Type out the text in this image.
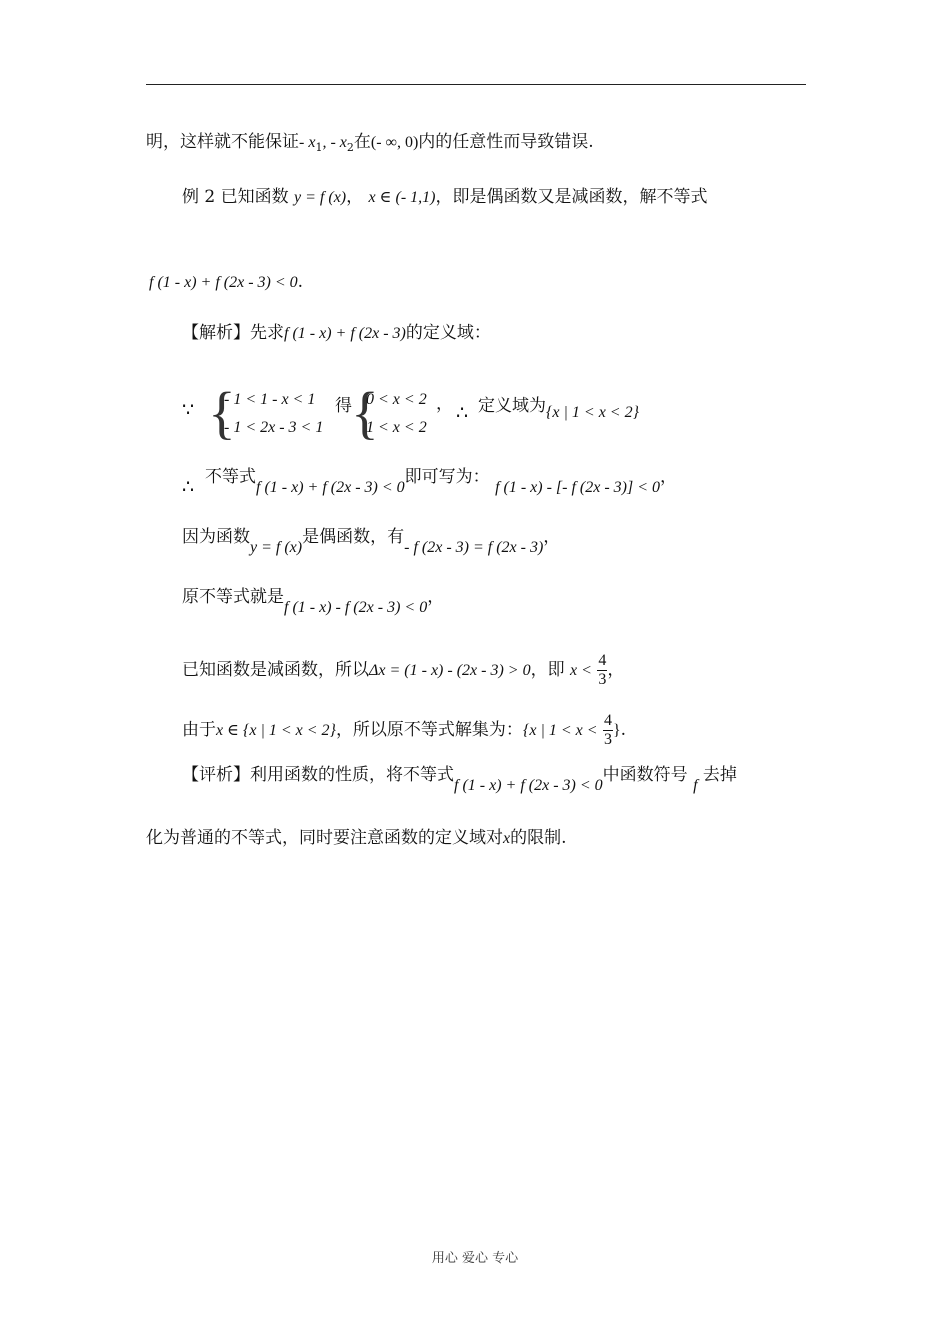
明，这样就不能保证- $x_1$, - $x_2$在(- ∞, 0)内的任意性而导致错误.
例 2 已知函数 y = f (x)， x ∈ (- 1,1)，即是偶函数又是减函数，解不等式
f (1 - x) + f (2x - 3) < 0.
【解析】先求f (1 - x) + f (2x - 3)的定义域：
∵ {
- 1 < 1 - x < 1
- 1 < 2x - 3 < 1
得 {
0 < x < 2
1 < x < 2
， ∴ 定义域为{x | 1 < x < 2}
∴ 不等式f (1 - x) + f (2x - 3) < 0即可写为： f (1 - x) - [- f (2x - 3)] < 0，
因为函数y = f (x)是偶函数，有- f (2x - 3) = f (2x - 3)，
原不等式就是f (1 - x) - f (2x - 3) < 0，
已知函数是减函数，所以Δx = (1 - x) - (2x - 3) > 0，即 $x < \frac{4}{3}$ ，
由于x ∈ {x | 1 < x < 2}，所以原不等式解集为：{x | $1 < x < \frac{4}{3}$ }.
【评析】利用函数的性质，将不等式f (1 - x) + f (2x - 3) < 0中函数符号 f 去掉
化为普通的不等式，同时要注意函数的定义域对x的限制.
用心 爱心 专心
